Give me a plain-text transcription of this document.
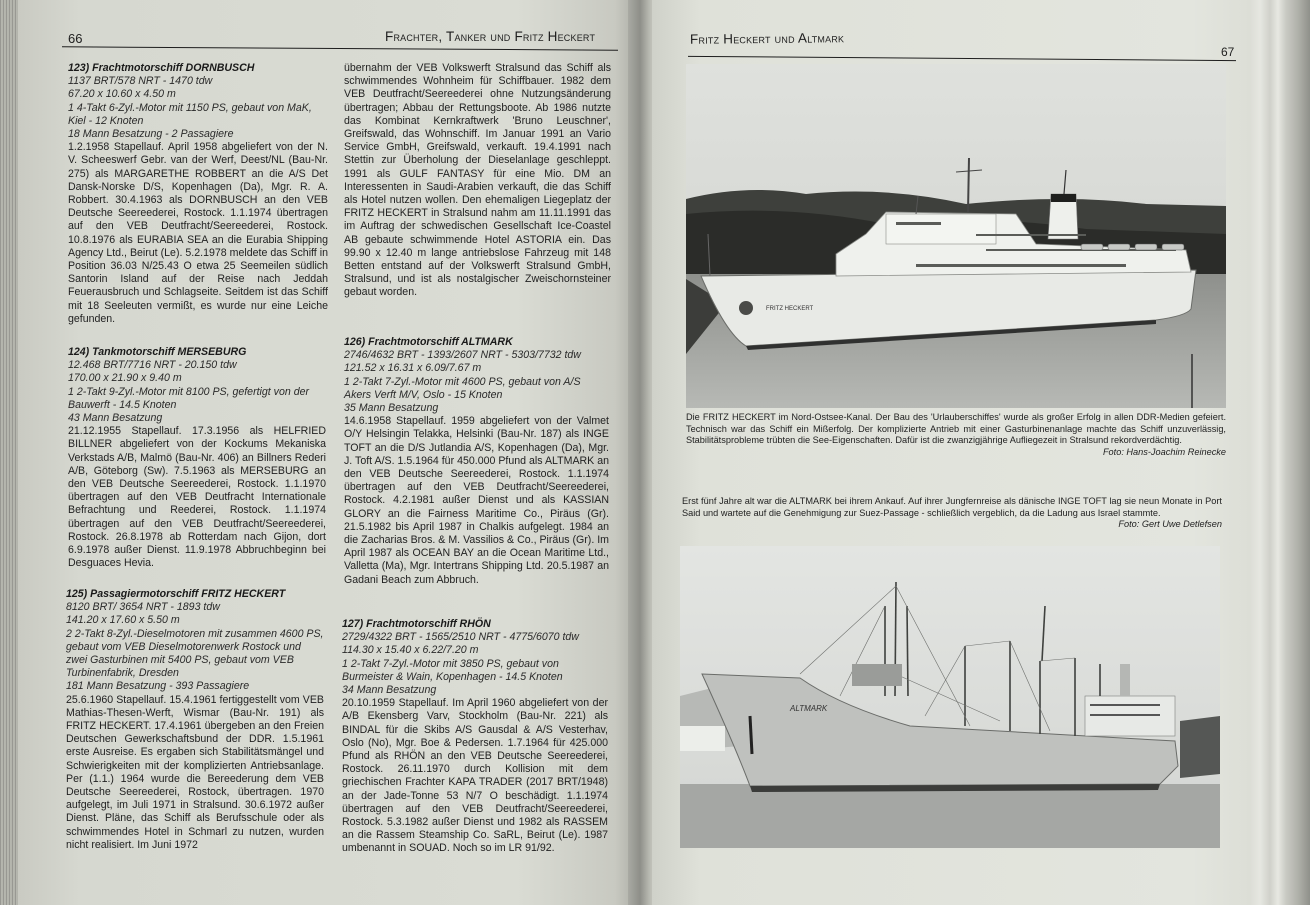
66	Frachter, Tanker und Fritz Heckert
123) Frachtmotorschiff DORNBUSCH
1137 BRT/578 NRT - 1470 tdw
67.20 x 10.60 x 4.50 m
1 4-Takt 6-Zyl.-Motor mit 1150 PS, gebaut von MaK, Kiel - 12 Knoten
18 Mann Besatzung - 2 Passagiere
1.2.1958 Stapellauf. April 1958 abgeliefert von der N. V. Scheeswerf Gebr. van der Werf, Deest/NL (Bau-Nr. 275) als MARGARETHE ROBBERT an die A/S Det Dansk-Norske D/S, Kopenhagen (Da), Mgr. R. A. Robbert. 30.4.1963 als DORNBUSCH an den VEB Deutsche Seereederei, Rostock. 1.1.1974 übertragen auf den VEB Deutfracht/Seereederei, Rostock. 10.8.1976 als EURABIA SEA an die Eurabia Shipping Agency Ltd., Beirut (Le). 5.2.1978 meldete das Schiff in Position 36.03 N/25.43 O etwa 25 Seemeilen südlich Santorin Island auf der Reise nach Jeddah Feuerausbruch und Schlagseite. Seitdem ist das Schiff mit 18 Seeleuten vermißt, es wurde nur eine Leiche gefunden.
124) Tankmotorschiff MERSEBURG
12.468 BRT/7716 NRT - 20.150 tdw
170.00 x 21.90 x 9.40 m
1 2-Takt 9-Zyl.-Motor mit 8100 PS, gefertigt von der Bauwerft - 14.5 Knoten
43 Mann Besatzung
21.12.1955 Stapellauf. 17.3.1956 als HELFRIED BILLNER abgeliefert von der Kockums Mekaniska Verkstads A/B, Malmö (Bau-Nr. 406) an Billners Rederi A/B, Göteborg (Sw). 7.5.1963 als MERSEBURG an den VEB Deutsche Seereederei, Rostock. 1.1.1970 übertragen auf den VEB Deutfracht Internationale Befrachtung und Reederei, Rostock. 1.1.1974 übertragen auf den VEB Deutfracht/Seereederei, Rostock. 26.8.1978 ab Rotterdam nach Gijon, dort 6.9.1978 außer Dienst. 11.9.1978 Abbruchbeginn bei Desguaces Hevia.
125) Passagiermotorschiff FRITZ HECKERT
8120 BRT/ 3654 NRT - 1893 tdw
141.20 x 17.60 x 5.50 m
2 2-Takt 8-Zyl.-Dieselmotoren mit zusammen 4600 PS, gebaut vom VEB Dieselmotorenwerk Rostock und zwei Gasturbinen mit 5400 PS, gebaut vom VEB Turbinenfabrik, Dresden
181 Mann Besatzung - 393 Passagiere
25.6.1960 Stapellauf. 15.4.1961 fertiggestellt vom VEB Mathias-Thesen-Werft, Wismar (Bau-Nr. 191) als FRITZ HECKERT. 17.4.1961 übergeben an den Freien Deutschen Gewerkschaftsbund der DDR. 1.5.1961 erste Ausreise. Es ergaben sich Stabilitätsmängel und Schwierigkeiten mit der komplizierten Antriebsanlage. Per (1.1.) 1964 wurde die Bereederung dem VEB Deutsche Seereederei, Rostock, übertragen. 1970 aufgelegt, im Juli 1971 in Stralsund. 30.6.1972 außer Dienst. Pläne, das Schiff als Berufsschule oder als schwimmendes Hotel in Schmarl zu nutzen, wurden nicht realisiert. Im Juni 1972
übernahm der VEB Volkswerft Stralsund das Schiff als schwimmendes Wohnheim für Schiffbauer. 1982 dem VEB Deutfracht/Seereederei ohne Nutzungsänderung übertragen; Abbau der Rettungsboote. Ab 1986 nutzte das Kombinat Kernkraftwerk 'Bruno Leuschner', Greifswald, das Wohnschiff. Im Januar 1991 an Vario Service GmbH, Greifswald, verkauft. 19.4.1991 nach Stettin zur Überholung der Dieselanlage geschleppt. 1991 als GULF FANTASY für eine Mio. DM an Interessenten in Saudi-Arabien verkauft, die das Schiff als Hotel nutzen wollen. Den ehemaligen Liegeplatz der FRITZ HECKERT in Stralsund nahm am 11.11.1991 das im Auftrag der schwedischen Gesellschaft Ice-Coastel AB gebaute schwimmende Hotel ASTORIA ein. Das 99.90 x 12.40 m lange antriebslose Fahrzeug mit 148 Betten entstand auf der Volkswerft Stralsund GmbH, Stralsund, und ist als nostalgischer Zweischornsteiner gebaut worden.
126) Frachtmotorschiff ALTMARK
2746/4632 BRT - 1393/2607 NRT - 5303/7732 tdw
121.52 x 16.31 x 6.09/7.67 m
1 2-Takt 7-Zyl.-Motor mit 4600 PS, gebaut von A/S Akers Verft M/V, Oslo - 15 Knoten
35 Mann Besatzung
14.6.1958 Stapellauf. 1959 abgeliefert von der Valmet O/Y Helsingin Telakka, Helsinki (Bau-Nr. 187) als INGE TOFT an die D/S Jutlandia A/S, Kopenhagen (Da), Mgr. J. Toft A/S. 1.5.1964 für 450.000 Pfund als ALTMARK an den VEB Deutsche Seereederei, Rostock. 1.1.1974 übertragen auf den VEB Deutfracht/Seereederei, Rostock. 4.2.1981 außer Dienst und als KASSIAN GLORY an die Fairness Maritime Co., Piräus (Gr). 21.5.1982 bis April 1987 in Chalkis aufgelegt. 1984 an die Zacharias Bros. & M. Vassilios & Co., Piräus (Gr). Im April 1987 als OCEAN BAY an die Ocean Maritime Ltd., Valletta (Ma), Mgr. Intertrans Shipping Ltd. 20.5.1987 an Gadani Beach zum Abbruch.
127) Frachtmotorschiff RHÖN
2729/4322 BRT - 1565/2510 NRT - 4775/6070 tdw
114.30 x 15.40 x 6.22/7.20 m
1 2-Takt 7-Zyl.-Motor mit 3850 PS, gebaut von Burmeister & Wain, Kopenhagen - 14.5 Knoten
34 Mann Besatzung
20.10.1959 Stapellauf. Im April 1960 abgeliefert von der A/B Ekensberg Varv, Stockholm (Bau-Nr. 221) als BINDAL für die Skibs A/S Gausdal & A/S Vesterhav, Oslo (No), Mgr. Boe & Pedersen. 1.7.1964 für 425.000 Pfund als RHÖN an den VEB Deutsche Seereederei, Rostock. 26.11.1970 durch Kollision mit dem griechischen Frachter KAPA TRADER (2017 BRT/1948) an der Jade-Tonne 53 N/7 O beschädigt. 1.1.1974 übertragen auf den VEB Deutfracht/Seereederei, Rostock. 5.3.1982 außer Dienst und 1982 als RASSEM an die Rassem Steamship Co. SaRL, Beirut (Le). 1987 umbenannt in SOUAD. Noch so im LR 91/92.
Fritz Heckert und Altmark
67
FRITZ HECKERT
Die FRITZ HECKERT im Nord-Ostsee-Kanal. Der Bau des 'Urlauberschiffes' wurde als großer Erfolg in allen DDR-Medien gefeiert. Technisch war das Schiff ein Mißerfolg. Der komplizierte Antrieb mit einer Gasturbinenanlage machte das Schiff unzuverlässig, Stabilitätsprobleme trübten die See-Eigenschaften. Dafür ist die zwanzigjährige Aufliegezeit in Stralsund rekordverdächtig.
Foto: Hans-Joachim Reinecke
Erst fünf Jahre alt war die ALTMARK bei ihrem Ankauf. Auf ihrer Jungfernreise als dänische INGE TOFT lag sie neun Monate in Port Said und wartete auf die Genehmigung zur Suez-Passage - schließlich vergeblich, da die Ladung aus Israel stammte.
Foto: Gert Uwe Detlefsen
ALTMARK
